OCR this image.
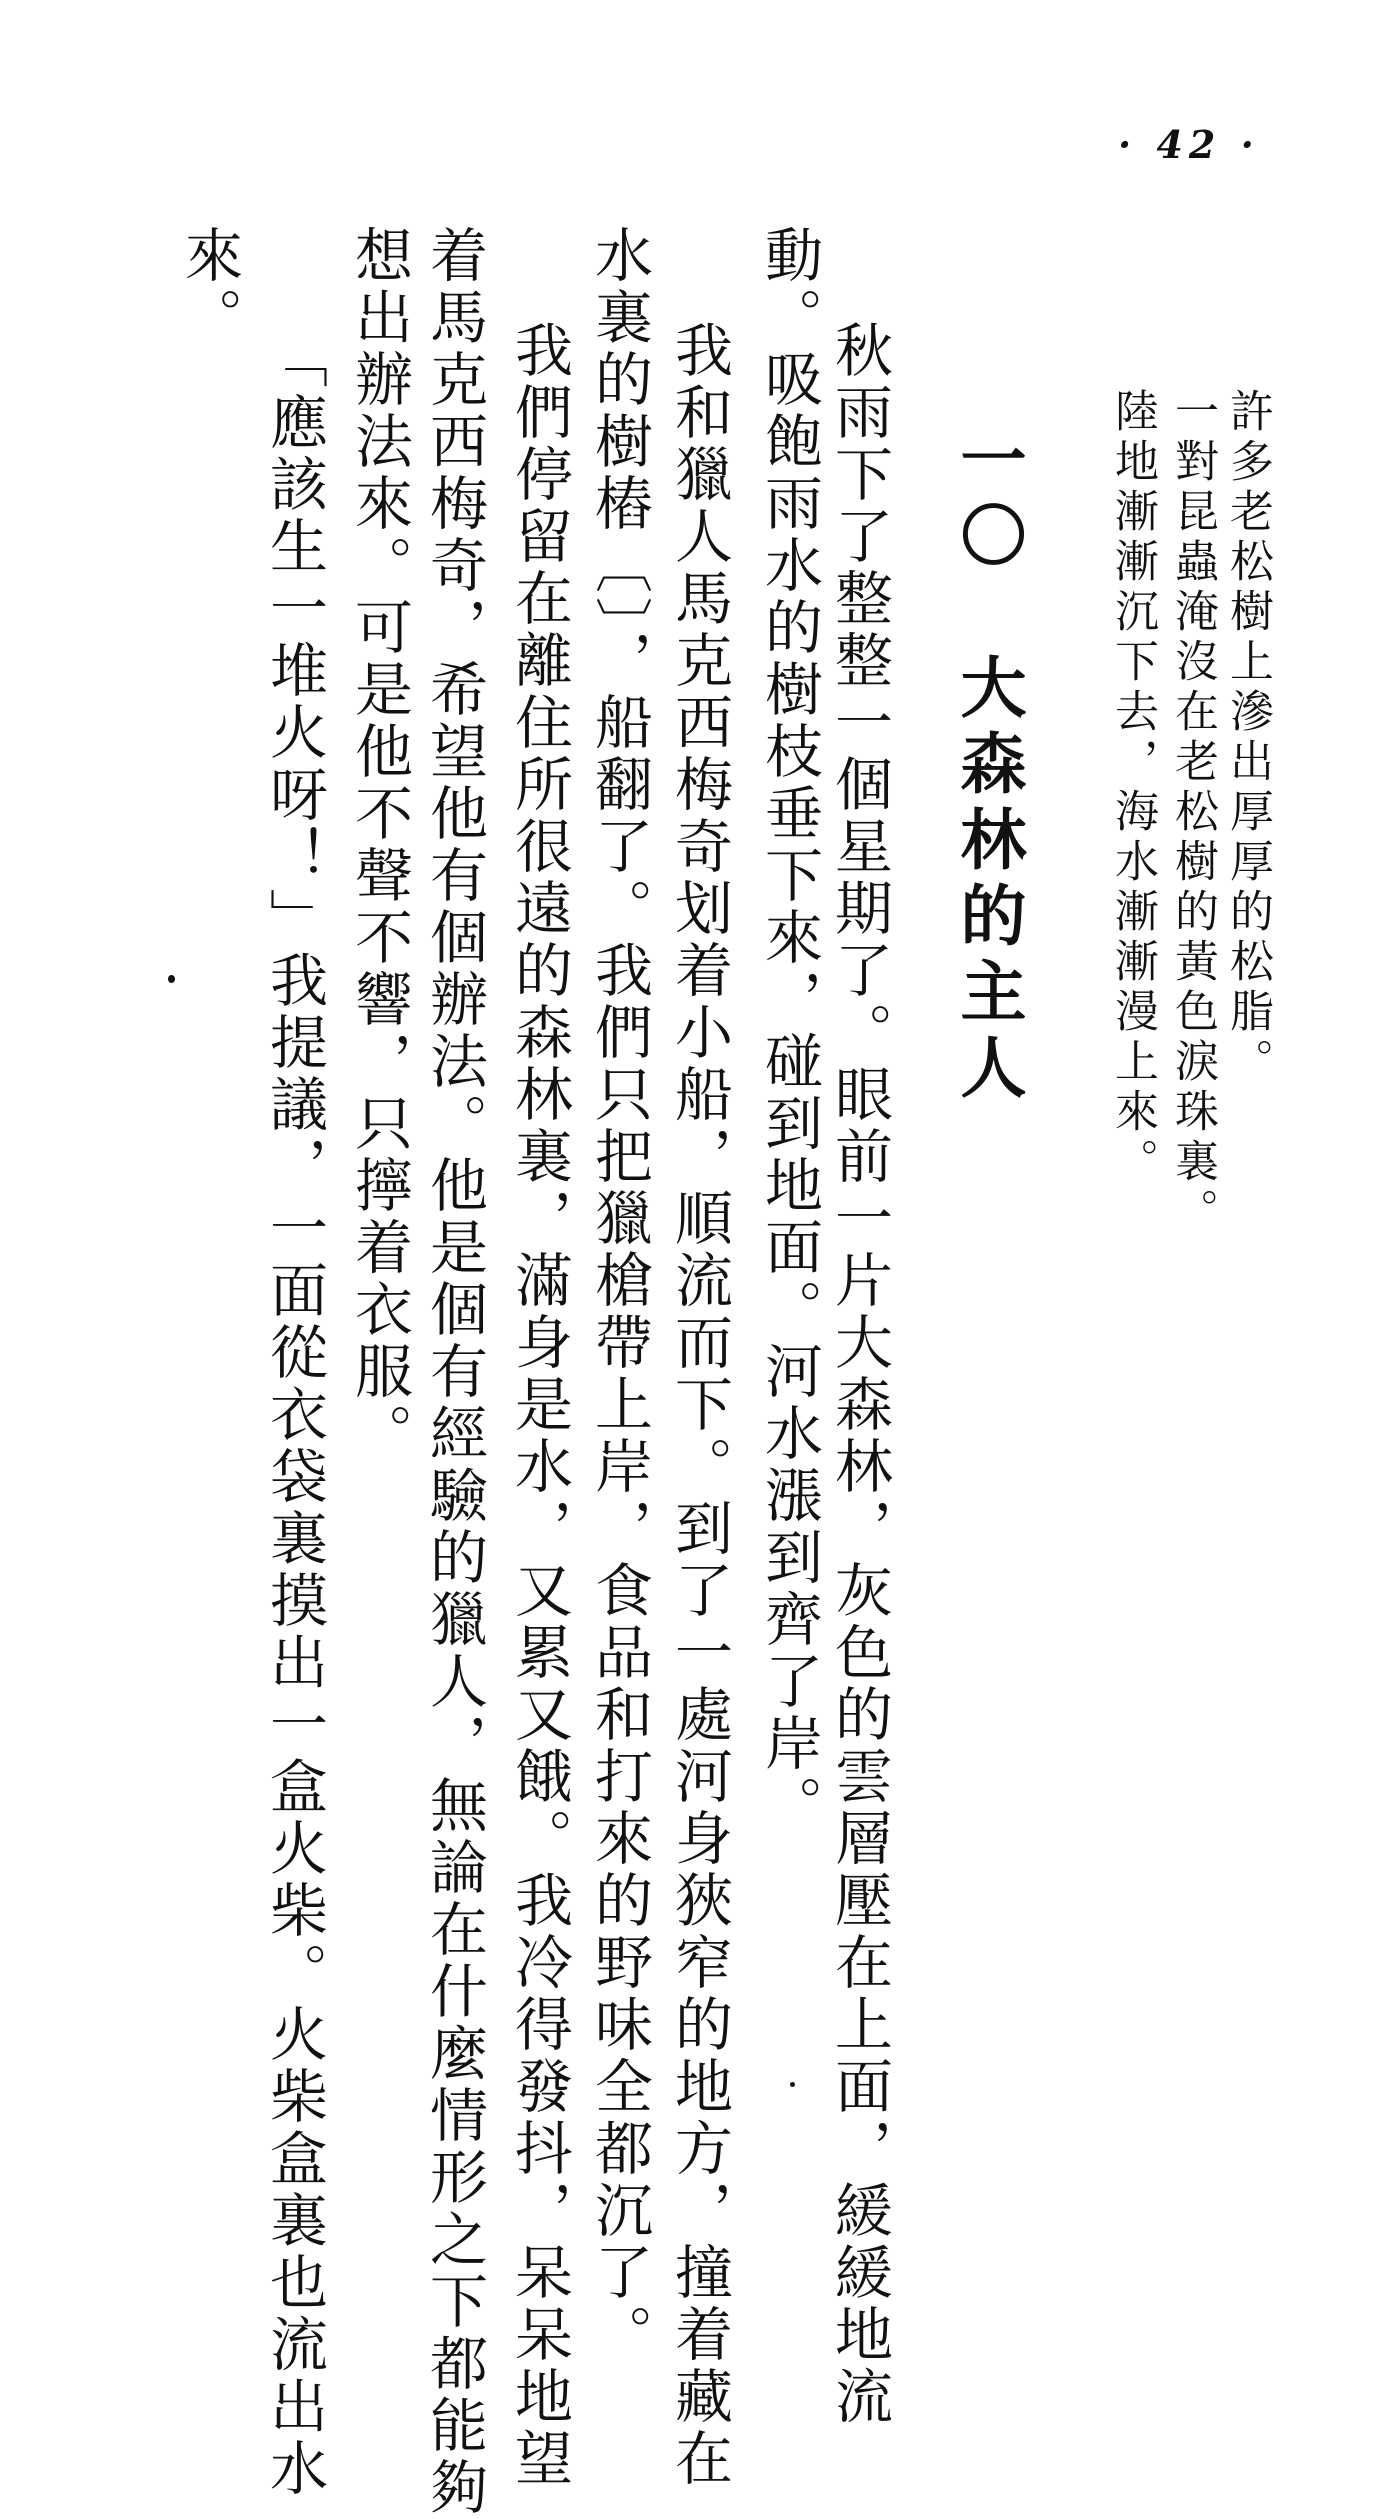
· 42 ·
許多老松樹上滲出厚厚的松脂。
一對昆蟲淹沒在老松樹的黃色淚珠裏。
陸地漸漸沉下去，海水漸漸漫上來。
一〇　大森林的主人
秋雨下了整整一個星期了。眼前一片大森林，灰色的雲層壓在上面，緩緩地流
動。吸飽雨水的樹枝垂下來，碰到地面。河水漲到齊了岸。
我和獵人馬克西梅奇划着小船，順流而下。到了一處河身狹窄的地方，撞着藏在
水裏的樹樁〔〕，船翻了。我們只把獵槍帶上岸，食品和打來的野味全都沉了。
我們停留在離住所很遠的森林裏，滿身是水，又累又餓。我冷得發抖，呆呆地望
着馬克西梅奇，希望他有個辦法。他是個有經驗的獵人，無論在什麼情形之下都能夠
想出辦法來。可是他不聲不響，只擰着衣服。
「應該生一堆火呀！」我提議，一面從衣袋裏摸出一盒火柴。火柴盒裏也流出水
來。
